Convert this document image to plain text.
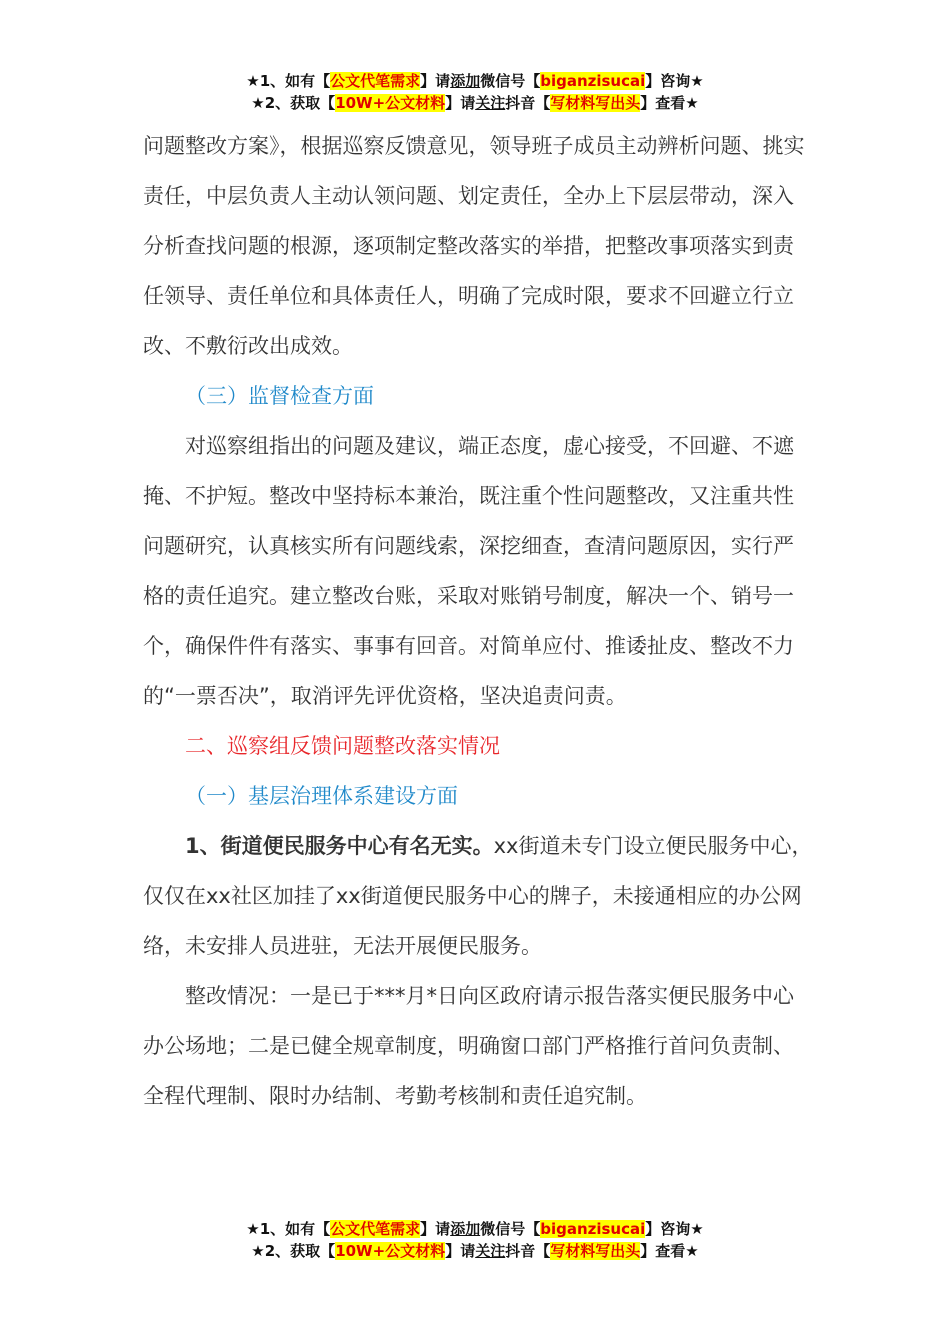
★1、如有【公文代笔需求】请添加微信号【biganzisucai】咨询★
★2、获取【10W+公文材料】请关注抖音【写材料写出头】查看★

问题整改方案》，根据巡察反馈意见，领导班子成员主动辨析问题、挑实责任，中层负责人主动认领问题、划定责任，全办上下层层带动，深入分析查找问题的根源，逐项制定整改落实的举措，把整改事项落实到责任领导、责任单位和具体责任人，明确了完成时限，要求不回避立行立改、不敷衍改出成效。

（三）监督检查方面

对巡察组指出的问题及建议，端正态度，虚心接受，不回避、不遮掩、不护短。整改中坚持标本兼治，既注重个性问题整改，又注重共性问题研究，认真核实所有问题线索，深挖细查，查清问题原因，实行严格的责任追究。建立整改台账，采取对账销号制度，解决一个、销号一个，确保件件有落实、事事有回音。对简单应付、推诿扯皮、整改不力的“一票否决”，取消评先评优资格，坚决追责问责。

二、巡察组反馈问题整改落实情况

（一）基层治理体系建设方面

1、街道便民服务中心有名无实。xx街道未专门设立便民服务中心，仅仅在xx社区加挂了xx街道便民服务中心的牌子，未接通相应的办公网络，未安排人员进驻，无法开展便民服务。

整改情况：一是已于***月*日向区政府请示报告落实便民服务中心办公场地；二是已健全规章制度，明确窗口部门严格推行首问负责制、全程代理制、限时办结制、考勤考核制和责任追究制。

★1、如有【公文代笔需求】请添加微信号【biganzisucai】咨询★
★2、获取【10W+公文材料】请关注抖音【写材料写出头】查看★
